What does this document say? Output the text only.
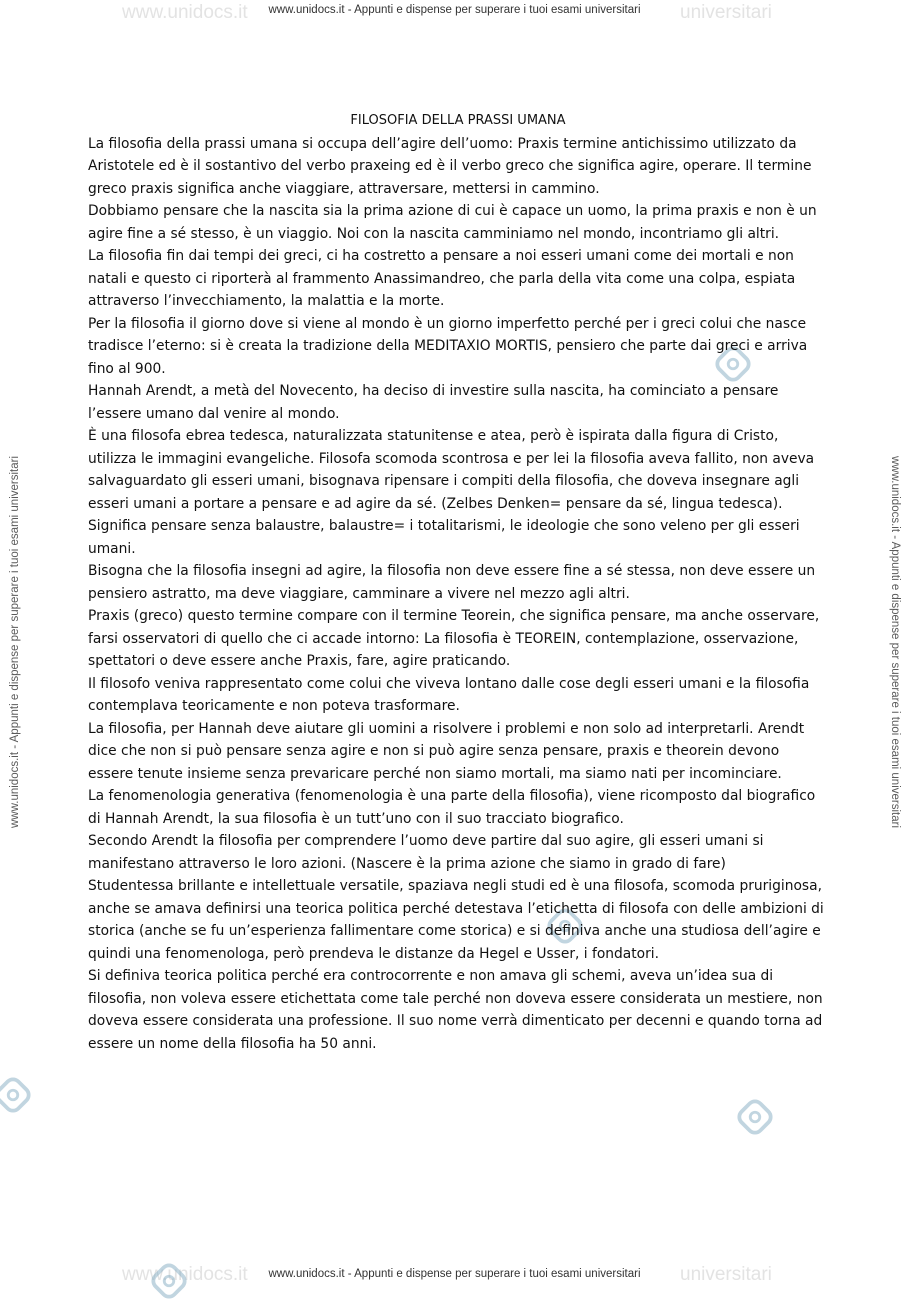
www.unidocs.it	universitari
www.unidocs.it	universitari
www.unidocs.it - Appunti e dispense per superare i tuoi esami universitari
www.unidocs.it - Appunti e dispense per superare i tuoi esami universitari
www.unidocs.it - Appunti e dispense per superare i tuoi esami universitari	www.unidocs.it - Appunti e dispense per superare i tuoi esami universitari
FILOSOFIA DELLA PRASSI UMANA

La filosofia della prassi umana si occupa dell’agire dell’uomo: Praxis termine antichissimo utilizzato da Aristotele ed è il sostantivo del verbo praxeing ed è il verbo greco che significa agire, operare. Il termine greco praxis significa anche viaggiare, attraversare, mettersi in cammino.

Dobbiamo pensare che la nascita sia la prima azione di cui è capace un uomo, la prima praxis e non è un agire fine a sé stesso, è un viaggio. Noi con la nascita camminiamo nel mondo, incontriamo gli altri.

La filosofia fin dai tempi dei greci, ci ha costretto a pensare a noi esseri umani come dei mortali e non natali e questo ci riporterà al frammento Anassimandreo, che parla della vita come una colpa, espiata attraverso l’invecchiamento, la malattia e la morte.

Per la filosofia il giorno dove si viene al mondo è un giorno imperfetto perché per i greci colui che nasce tradisce l’eterno: si è creata la tradizione della MEDITAXIO MORTIS, pensiero che parte dai greci e arriva fino al 900.

Hannah Arendt, a metà del Novecento, ha deciso di investire sulla nascita, ha cominciato a pensare l’essere umano dal venire al mondo.

È una filosofa ebrea tedesca, naturalizzata statunitense e atea, però è ispirata dalla figura di Cristo, utilizza le immagini evangeliche. Filosofa scomoda scontrosa e per lei la filosofia aveva fallito, non aveva salvaguardato gli esseri umani, bisognava ripensare i compiti della filosofia, che doveva insegnare agli esseri umani a portare a pensare e ad agire da sé. (Zelbes Denken= pensare da sé, lingua tedesca).

Significa pensare senza balaustre, balaustre= i totalitarismi, le ideologie che sono veleno per gli esseri umani.

Bisogna che la filosofia insegni ad agire, la filosofia non deve essere fine a sé stessa, non deve essere un pensiero astratto, ma deve viaggiare, camminare a vivere nel mezzo agli altri.

Praxis (greco) questo termine compare con il termine Teorein, che significa pensare, ma anche osservare, farsi osservatori di quello che ci accade intorno: La filosofia è TEOREIN, contemplazione, osservazione, spettatori o deve essere anche Praxis, fare, agire praticando.

Il filosofo veniva rappresentato come colui che viveva lontano dalle cose degli esseri umani e la filosofia contemplava teoricamente e non poteva trasformare.

La filosofia, per Hannah deve aiutare gli uomini a risolvere i problemi e non solo ad interpretarli. Arendt dice che non si può pensare senza agire e non si può agire senza pensare, praxis e theorein devono essere tenute insieme senza prevaricare perché non siamo mortali, ma siamo nati per incominciare.

La fenomenologia generativa (fenomenologia è una parte della filosofia), viene ricomposto dal biografico di Hannah Arendt, la sua filosofia è un tutt’uno con il suo tracciato biografico.

Secondo Arendt la filosofia per comprendere l’uomo deve partire dal suo agire, gli esseri umani si manifestano attraverso le loro azioni. (Nascere è la prima azione che siamo in grado di fare)

Studentessa brillante e intellettuale versatile, spaziava negli studi ed è una filosofa, scomoda pruriginosa, anche se amava definirsi una teorica politica perché detestava l’etichetta di filosofa con delle ambizioni di storica (anche se fu un’esperienza fallimentare come storica) e si definiva anche una studiosa dell’agire e quindi una fenomenologa, però prendeva le distanze da Hegel e Usser, i fondatori.

Si definiva teorica politica perché era controcorrente e non amava gli schemi, aveva un’idea sua di filosofia, non voleva essere etichettata come tale perché non doveva essere considerata un mestiere, non doveva essere considerata una professione. Il suo nome verrà dimenticato per decenni e quando torna ad essere un nome della filosofia ha 50 anni.
